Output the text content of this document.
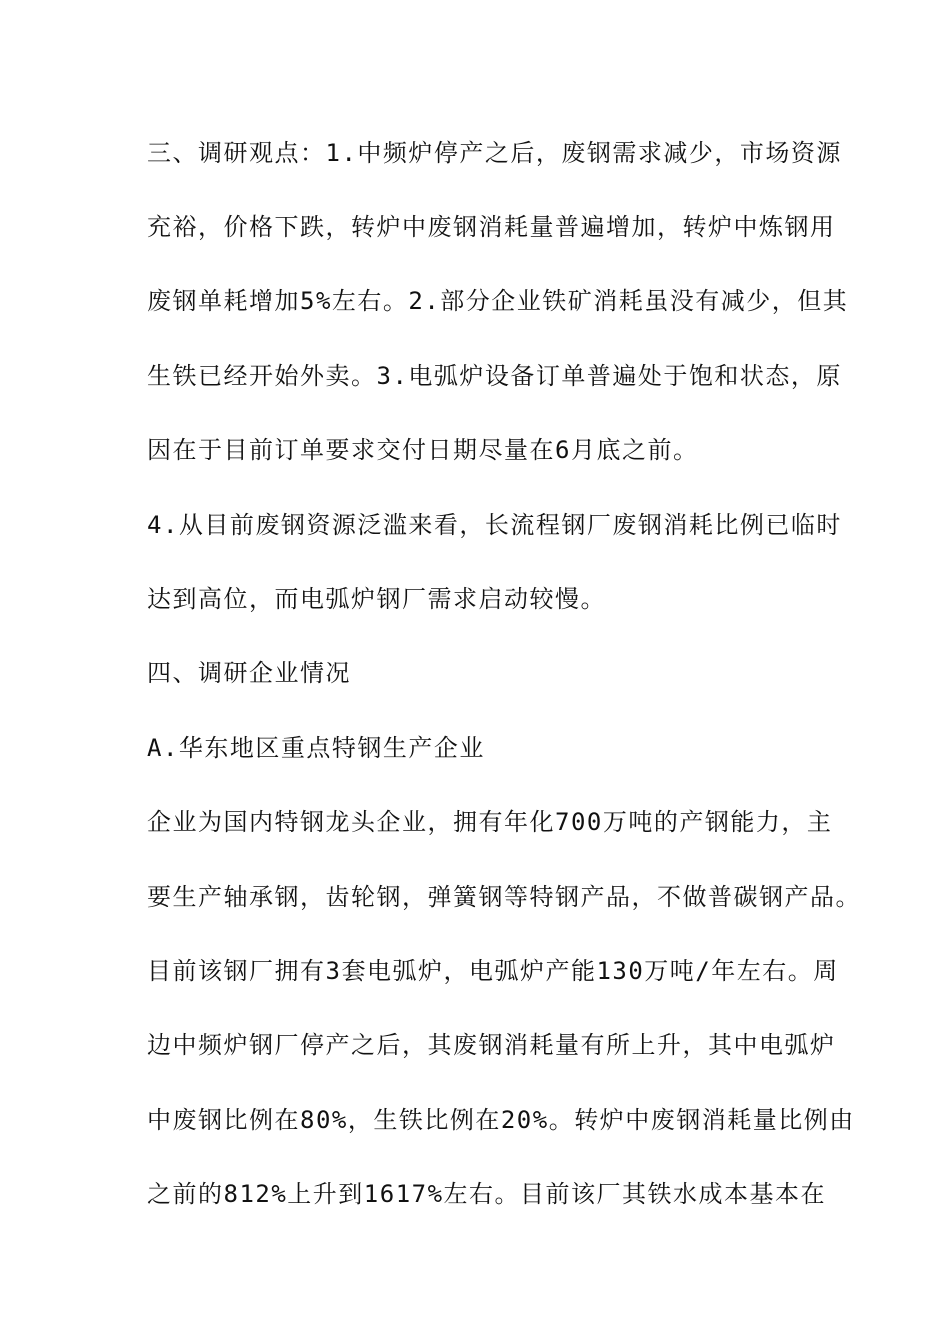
三、调研观点：1.中频炉停产之后，废钢需求减少，市场资源
充裕，价格下跌，转炉中废钢消耗量普遍增加，转炉中炼钢用
废钢单耗增加5%左右。2.部分企业铁矿消耗虽没有减少，但其
生铁已经开始外卖。3.电弧炉设备订单普遍处于饱和状态，原
因在于目前订单要求交付日期尽量在6月底之前。
4.从目前废钢资源泛滥来看，长流程钢厂废钢消耗比例已临时
达到高位，而电弧炉钢厂需求启动较慢。
四、调研企业情况
A.华东地区重点特钢生产企业
企业为国内特钢龙头企业，拥有年化700万吨的产钢能力，主
要生产轴承钢，齿轮钢，弹簧钢等特钢产品，不做普碳钢产品。
目前该钢厂拥有3套电弧炉，电弧炉产能130万吨/年左右。周
边中频炉钢厂停产之后，其废钢消耗量有所上升，其中电弧炉
中废钢比例在80%，生铁比例在20%。转炉中废钢消耗量比例由
之前的812%上升到1617%左右。目前该厂其铁水成本基本在
